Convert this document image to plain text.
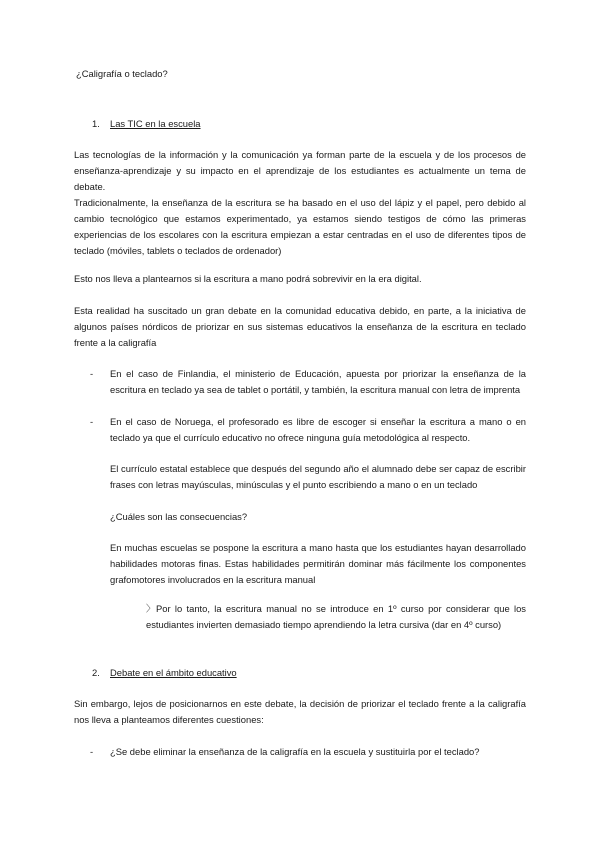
¿Caligrafía o teclado?

1. Las TIC en la escuela

Las tecnologías de la información y la comunicación ya forman parte de la escuela y de los procesos de enseñanza-aprendizaje y su impacto en el aprendizaje de los estudiantes es actualmente un tema de debate.

Tradicionalmente, la enseñanza de la escritura se ha basado en el uso del lápiz y el papel, pero debido al cambio tecnológico que estamos experimentado, ya estamos siendo testigos de cómo las primeras experiencias de los escolares con la escritura empiezan a estar centradas en el uso de diferentes tipos de teclado (móviles, tablets o teclados de ordenador)

Esto nos lleva a plantearnos si la escritura a mano podrá sobrevivir en la era digital.

Esta realidad ha suscitado un gran debate en la comunidad educativa debido, en parte, a la iniciativa de algunos países nórdicos de priorizar en sus sistemas educativos la enseñanza de la escritura en teclado frente a la caligrafía

- En el caso de Finlandia, el ministerio de Educación, apuesta por priorizar la enseñanza de la escritura en teclado ya sea de tablet o portátil, y también, la escritura manual con letra de imprenta

- En el caso de Noruega, el profesorado es libre de escoger si enseñar la escritura a mano o en teclado ya que el currículo educativo no ofrece ninguna guía metodológica al respecto.

El currículo estatal establece que después del segundo año el alumnado debe ser capaz de escribir frases con letras mayúsculas, minúsculas y el punto escribiendo a mano o en un teclado

¿Cuáles son las consecuencias?

En muchas escuelas se pospone la escritura a mano hasta que los estudiantes hayan desarrollado habilidades motoras finas. Estas habilidades permitirán dominar más fácilmente los componentes grafomotores involucrados en la escritura manual

〉 Por lo tanto, la escritura manual no se introduce en 1º curso por considerar que los estudiantes invierten demasiado tiempo aprendiendo la letra cursiva (dar en 4º curso)

2. Debate en el ámbito educativo

Sin embargo, lejos de posicionarnos en este debate, la decisión de priorizar el teclado frente a la caligrafía nos lleva a planteamos diferentes cuestiones:

- ¿Se debe eliminar la enseñanza de la caligrafía en la escuela y sustituirla por el teclado?
